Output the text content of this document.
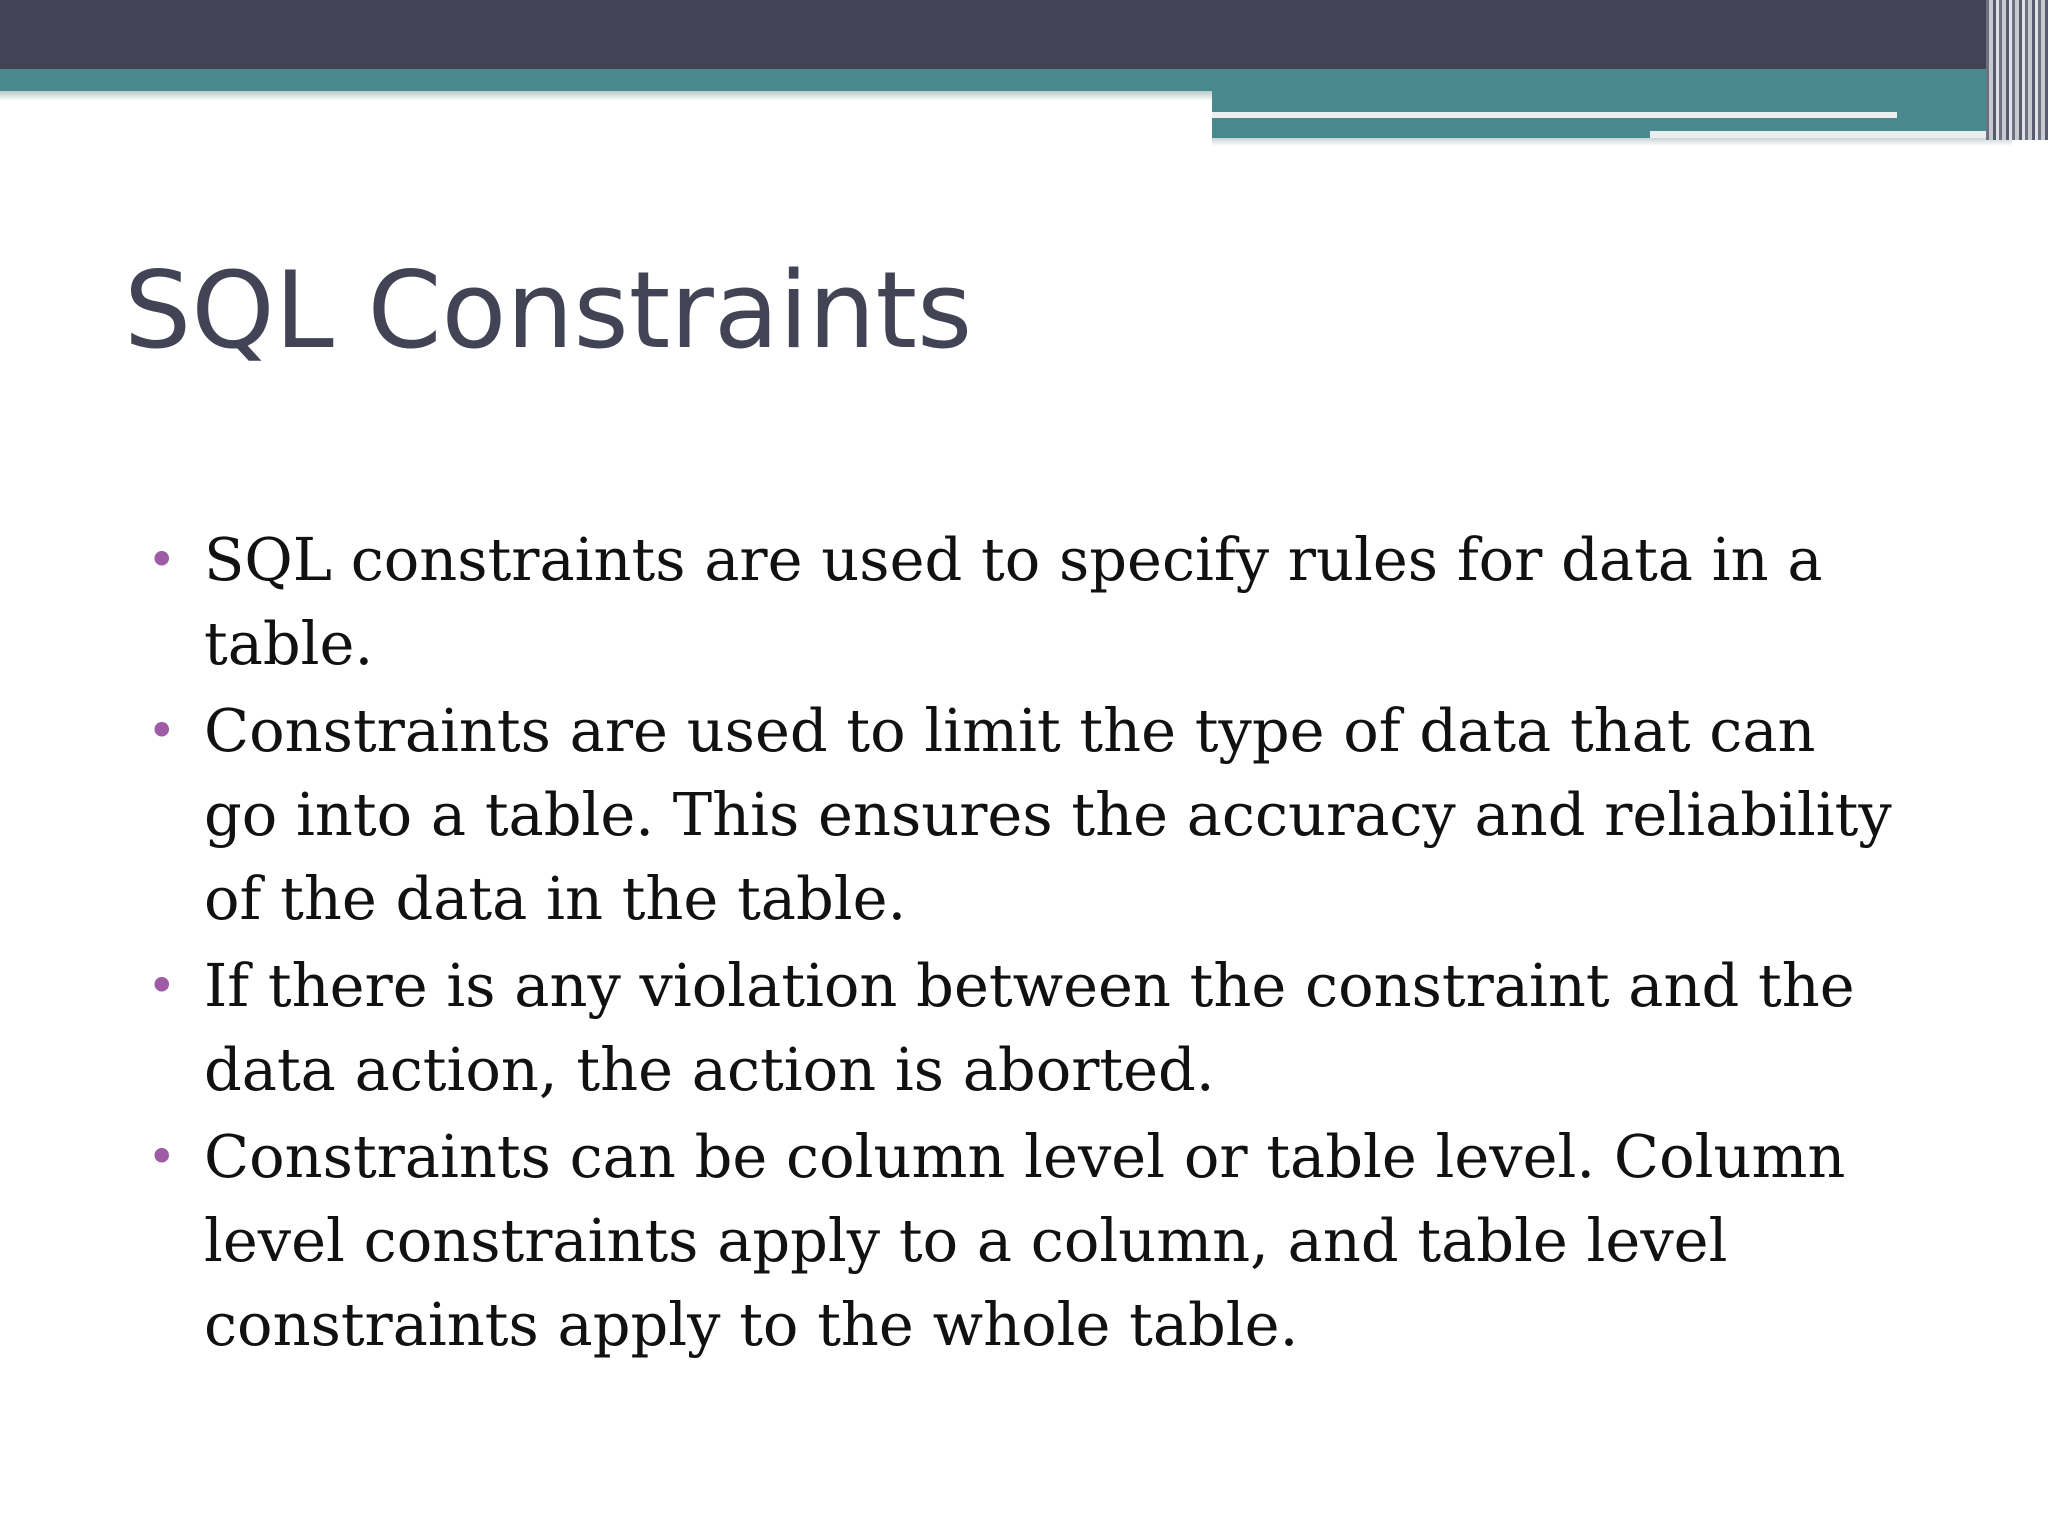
SQL Constraints
• SQL constraints are used to specify rules for data in a table.
• Constraints are used to limit the type of data that can go into a table. This ensures the accuracy and reliability of the data in the table.
• If there is any violation between the constraint and the data action, the action is aborted.
• Constraints can be column level or table level. Column level constraints apply to a column, and table level constraints apply to the whole table.
